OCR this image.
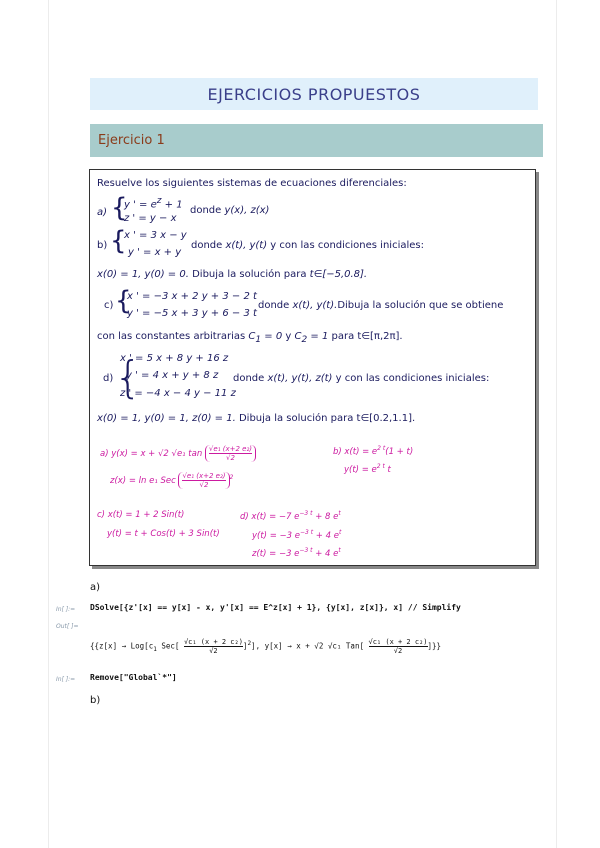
EJERCICIOS PROPUESTOS
Ejercicio 1
Resuelve los siguientes sistemas de ecuaciones diferenciales:
a) {
y ' = $e^z + 1$
z ' = y − x
donde y(x), z(x)
b) {
x ' = 3 x − y
y ' = x + y
donde x(t), y(t) y con las condiciones iniciales:
x(0) = 1, y(0) = 0. Dibuja la solución para t∈[−5,0.8].
c) {
x ' = −3 x + 2 y + 3 − 2 t
y ' = −5 x + 3 y + 6 − 3 t
donde x(t), y(t).Dibuja la solución que se obtiene
con las constantes arbitrarias $C_1 = 0$ y $C_2 = 1$ para t∈[π,2π].
x ' = 5 x + 8 y + 16 z
d) {
y ' = 4 x + y + 8 z
z ' = −4 x − 4 y − 11 z
donde x(t), y(t), z(t) y con las condiciones iniciales:
x(0) = 1, y(0) = 1, z(0) = 1. Dibuja la solución para t∈[0.2,1.1].
a) y(x) = x + √2 √e₁ $\tan \frac{\text{√e₁ (x+2 e₂)}}{√2}$	b) $x(t) = e^{2 t}(1 + t)$
$y(t) = e^{2 t}$ t
z(x) = ln e₁ Sec $\frac{\text{√e₁ (x+2 e₂)}}{√2} ^2$
c) x(t) = 1 + 2 Sin(t)
y(t) = t + Cos(t) + 3 Sin(t)
d) x(t) = −7 $e^{-3 t} + 8$ $e^t$
y(t) = −3 $e^{-3 t} + 4$ $e^t$
z(t) = −3 $e^{-3 t} + 4$ $e^t$
a)
In[ ]:= DSolve[{z'[x] == y[x] - x, y'[x] == E^z[x] + 1}, {y[x], z[x]}, x] // Simplify
Out[ ]=
{{$z[x] \to Log[c_1$ $Sec[ \frac{\text{√c₁ (x + 2 c₂)}}{√2} ]^2$], y[x] → x + √2 √c₁ $Tan[ \frac{\text{√c₁ (x + 2 c₂)}}{√2}$ ]}}
In[ ]:= Remove["Global`*"]
b)
